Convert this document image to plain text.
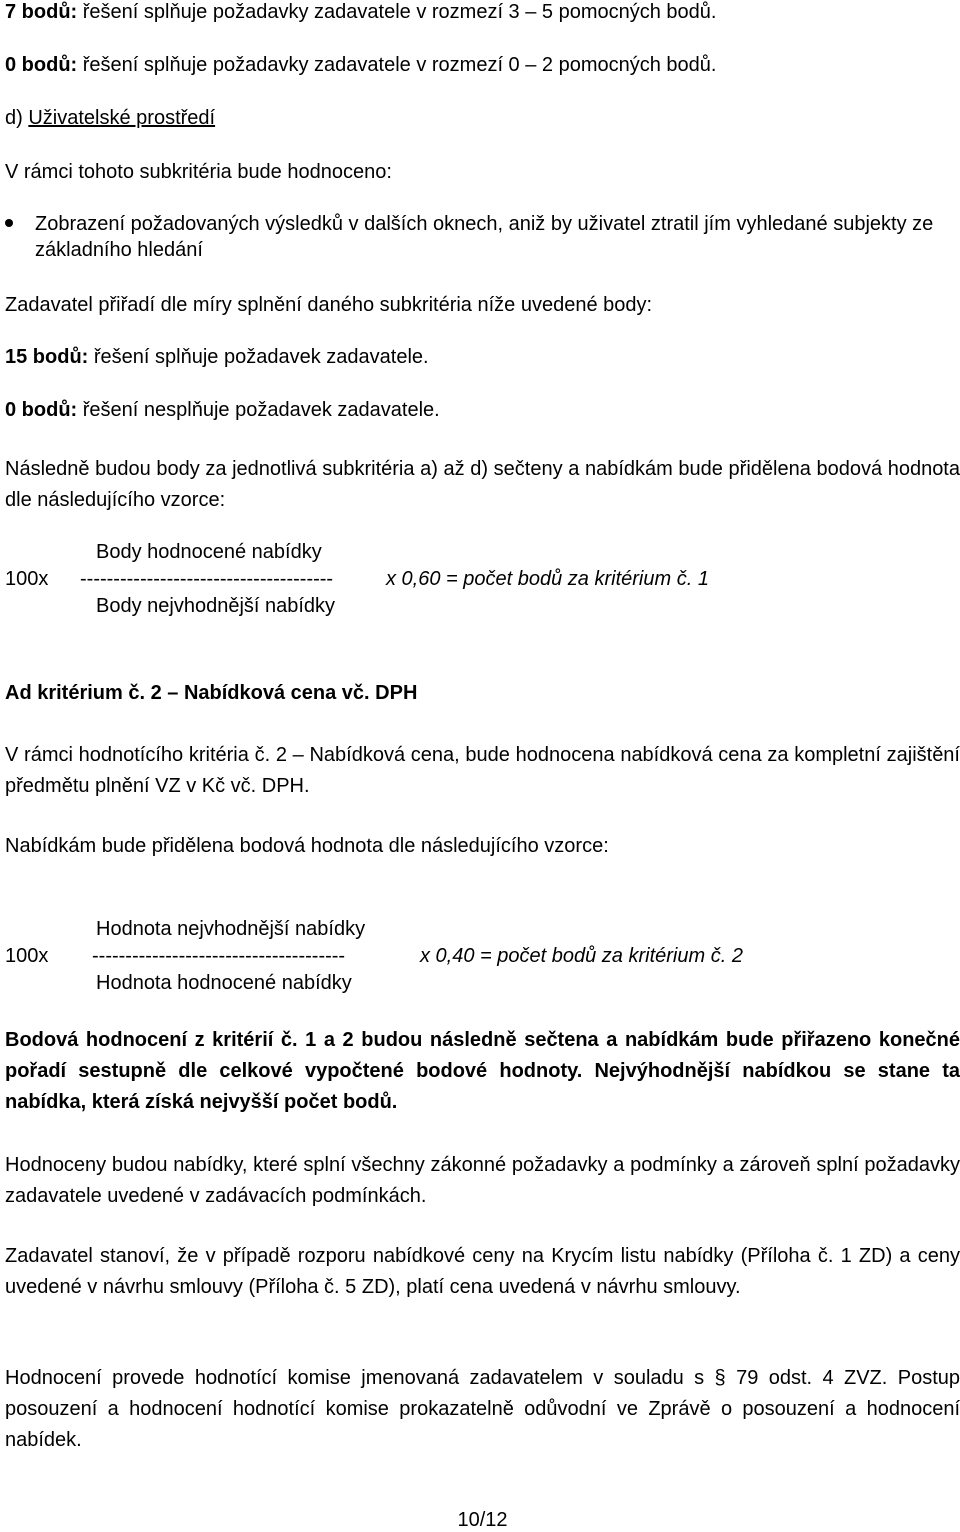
7 bodů: řešení splňuje požadavky zadavatele v rozmezí 3 – 5 pomocných bodů.
0 bodů: řešení splňuje požadavky zadavatele v rozmezí 0 – 2 pomocných bodů.
d) Uživatelské prostředí
V rámci tohoto subkritéria bude hodnoceno:
Zobrazení požadovaných výsledků v dalších oknech, aniž by uživatel ztratil jím vyhledané subjekty ze základního hledání
Zadavatel přiřadí dle míry splnění daného subkritéria níže uvedené body:
15 bodů: řešení splňuje požadavek zadavatele.
0 bodů: řešení nesplňuje požadavek zadavatele.
Následně budou body za jednotlivá subkritéria a) až d) sečteny a nabídkám bude přidělena bodová hodnota dle následujícího vzorce:
Body hodnocené nabídky
100x --------------------------------------	x 0,60 = počet bodů za kritérium č. 1
Body nejvhodnější nabídky
Ad kritérium č. 2 – Nabídková cena vč. DPH
V rámci hodnotícího kritéria č. 2 – Nabídková cena, bude hodnocena nabídková cena za kompletní zajištění předmětu plnění VZ v Kč vč. DPH.
Nabídkám bude přidělena bodová hodnota dle následujícího vzorce:
Hodnota nejvhodnější nabídky
100x --------------------------------------	x 0,40 = počet bodů za kritérium č. 2
Hodnota hodnocené nabídky
Bodová hodnocení z kritérií č. 1 a 2 budou následně sečtena a nabídkám bude přiřazeno konečné pořadí sestupně dle celkové vypočtené bodové hodnoty. Nejvýhodnější nabídkou se stane ta nabídka, která získá nejvyšší počet bodů.
Hodnoceny budou nabídky, které splní všechny zákonné požadavky a podmínky a zároveň splní požadavky zadavatele uvedené v zadávacích podmínkách.
Zadavatel stanoví, že v případě rozporu nabídkové ceny na Krycím listu nabídky (Příloha č. 1 ZD) a ceny uvedené v návrhu smlouvy (Příloha č. 5 ZD), platí cena uvedená v návrhu smlouvy.
Hodnocení provede hodnotící komise jmenovaná zadavatelem v souladu s § 79 odst. 4 ZVZ. Postup posouzení a hodnocení hodnotící komise prokazatelně odůvodní ve Zprávě o posouzení a hodnocení nabídek.
10/12
